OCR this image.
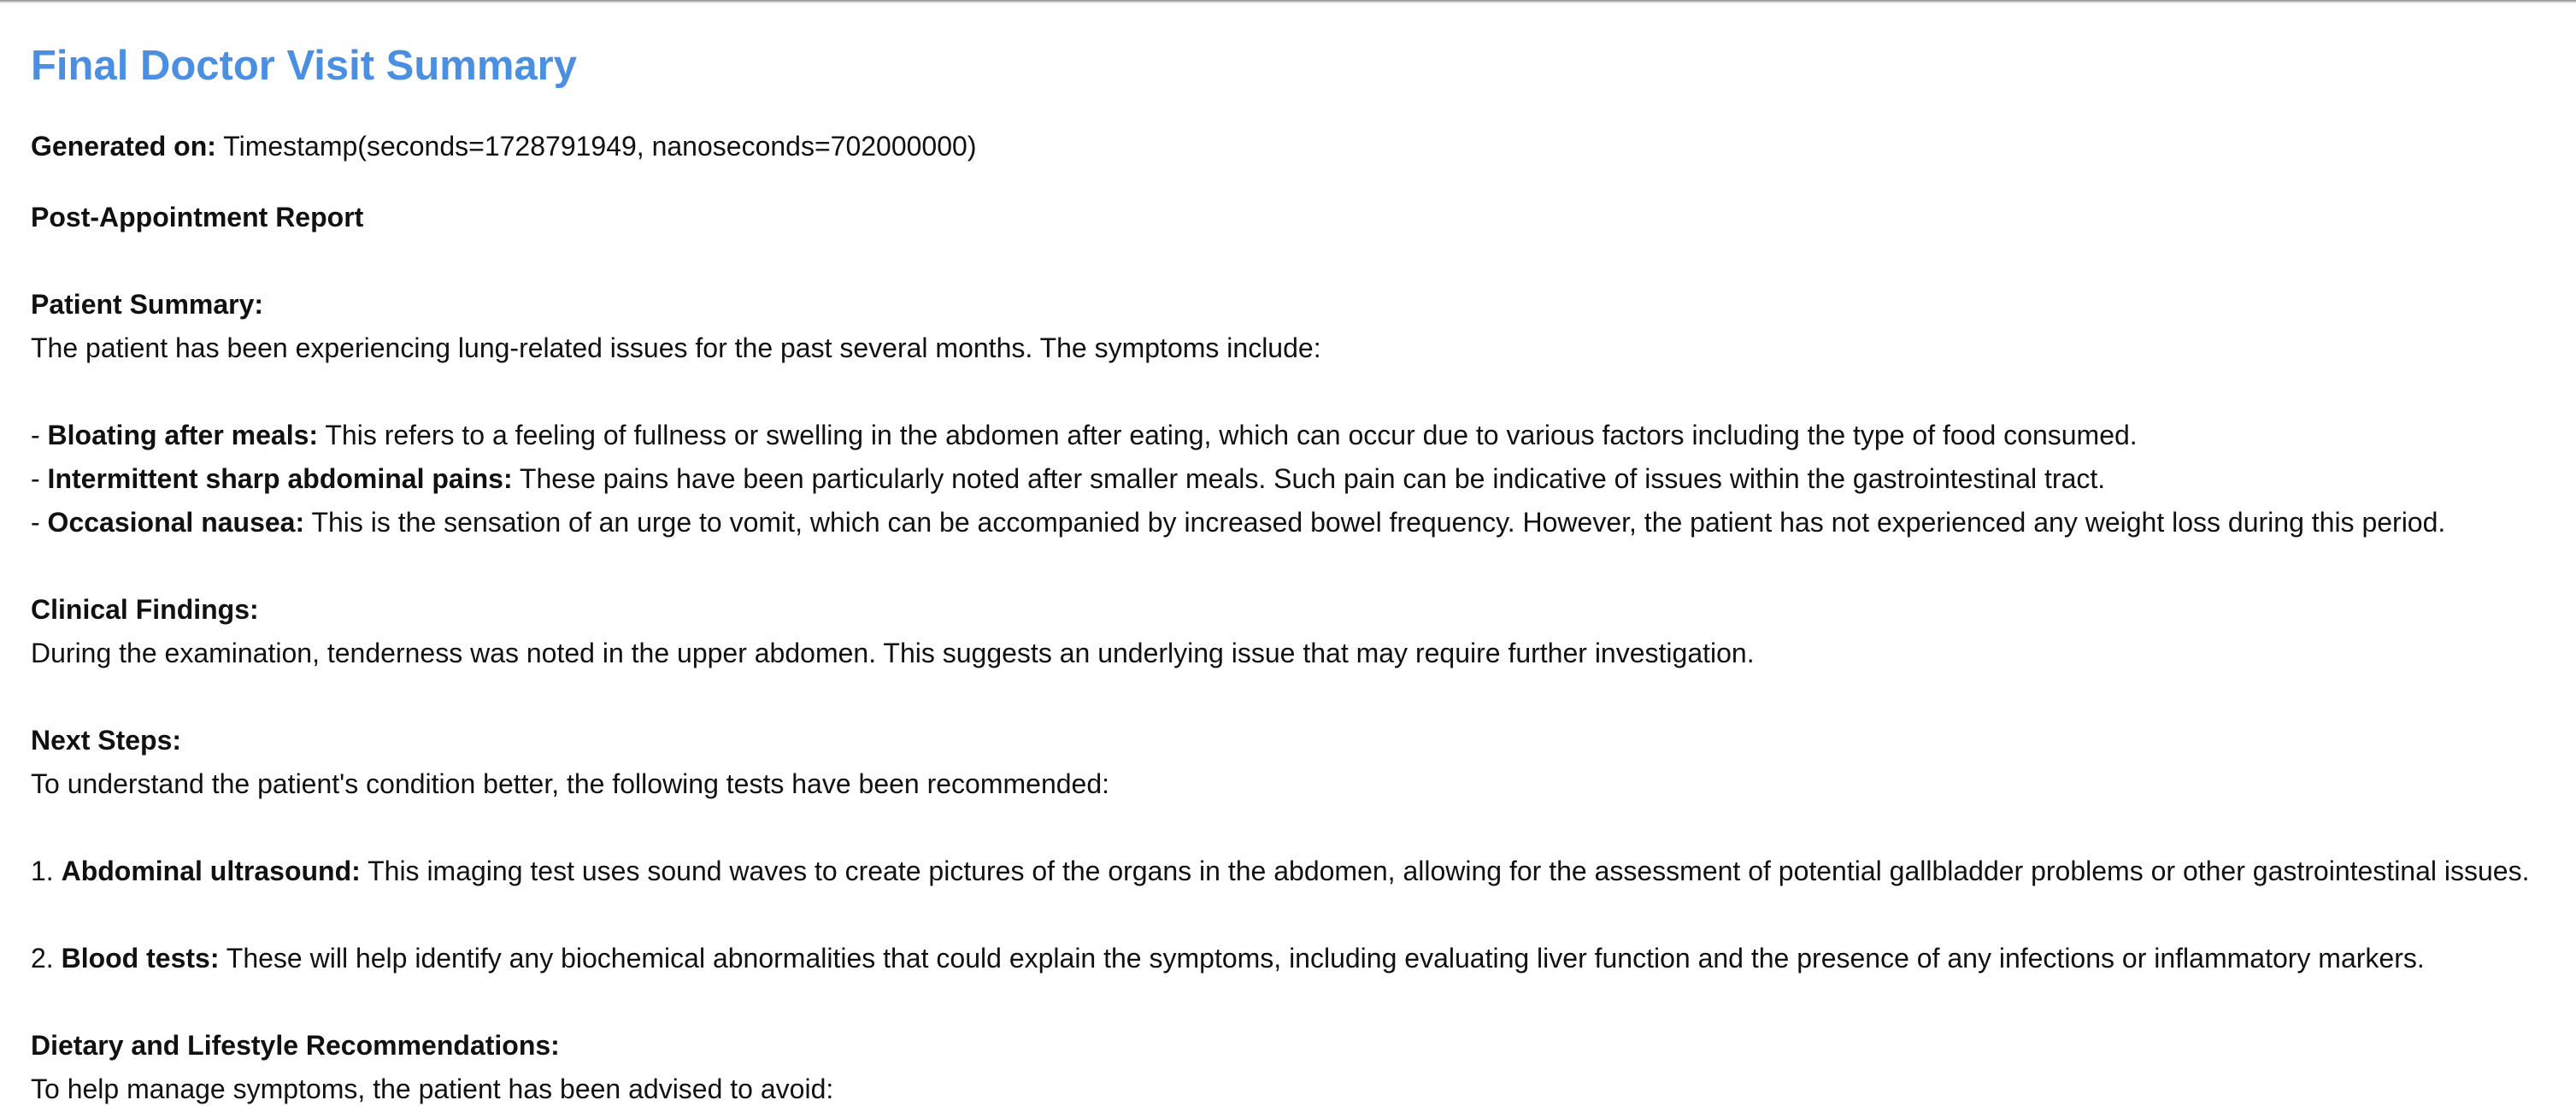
Final Doctor Visit Summary
Generated on: Timestamp(seconds=1728791949, nanoseconds=702000000)
Post-Appointment Report
Patient Summary:
The patient has been experiencing lung-related issues for the past several months. The symptoms include:
- Bloating after meals: This refers to a feeling of fullness or swelling in the abdomen after eating, which can occur due to various factors including the type of food consumed.
- Intermittent sharp abdominal pains: These pains have been particularly noted after smaller meals. Such pain can be indicative of issues within the gastrointestinal tract.
- Occasional nausea: This is the sensation of an urge to vomit, which can be accompanied by increased bowel frequency. However, the patient has not experienced any weight loss during this period.
Clinical Findings:
During the examination, tenderness was noted in the upper abdomen. This suggests an underlying issue that may require further investigation.
Next Steps:
To understand the patient's condition better, the following tests have been recommended:
1. Abdominal ultrasound: This imaging test uses sound waves to create pictures of the organs in the abdomen, allowing for the assessment of potential gallbladder problems or other gastrointestinal issues.
2. Blood tests: These will help identify any biochemical abnormalities that could explain the symptoms, including evaluating liver function and the presence of any infections or inflammatory markers.
Dietary and Lifestyle Recommendations:
To help manage symptoms, the patient has been advised to avoid:
